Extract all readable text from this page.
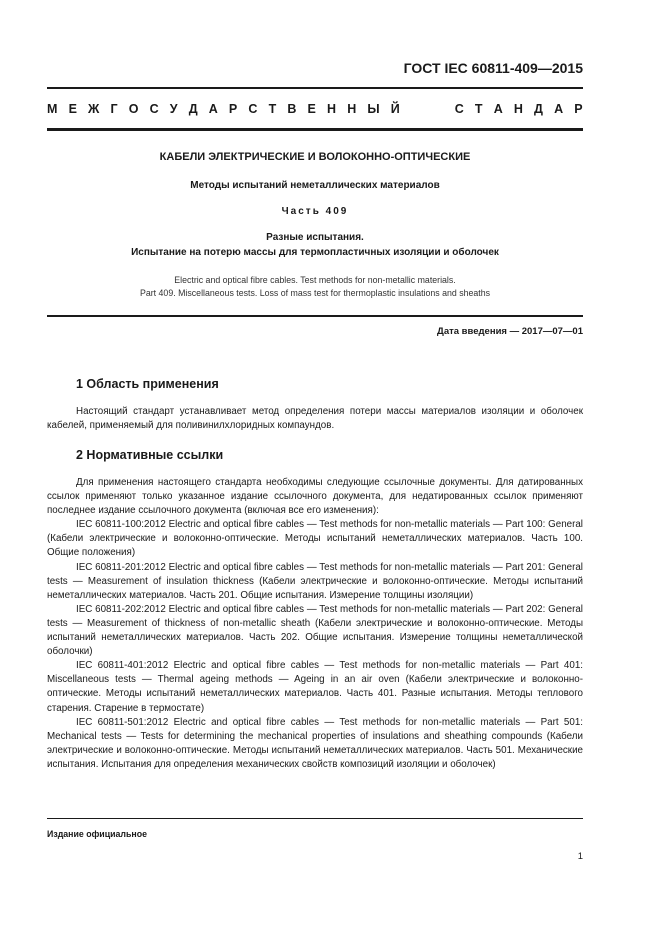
ГОСТ IEC 60811-409—2015
М Е Ж Г О С У Д А Р С Т В Е Н Н Ы Й

	С Т А Н Д А Р
КАБЕЛИ ЭЛЕКТРИЧЕСКИЕ И ВОЛОКОННО-ОПТИЧЕСКИЕ
Методы испытаний неметаллических материалов
Часть 409
Разные испытания.
Испытание на потерю массы для термопластичных изоляции и оболочек
Electric and optical fibre cables. Test methods for non-metallic materials.
Part 409. Miscellaneous tests. Loss of mass test for thermoplastic insulations and sheaths
Дата введения — 2017—07—01
1 Область применения
Настоящий стандарт устанавливает метод определения потери массы материалов изоляции и оболочек кабелей, применяемый для поливинилхлоридных компаундов.
2 Нормативные ссылки
Для применения настоящего стандарта необходимы следующие ссылочные документы. Для датированных ссылок применяют только указанное издание ссылочного документа, для недатированных ссылок применяют последнее издание ссылочного документа (включая все его изменения):
IEC 60811-100:2012 Electric and optical fibre cables — Test methods for non-metallic materials — Part 100: General (Кабели электрические и волоконно-оптические. Методы испытаний неметаллических материалов. Часть 100. Общие положения)
IEC 60811-201:2012 Electric and optical fibre cables — Test methods for non-metallic materials — Part 201: General tests — Measurement of insulation thickness (Кабели электрические и волоконно-оптические. Методы испытаний неметаллических материалов. Часть 201. Общие испытания. Измерение толщины изоляции)
IEC 60811-202:2012 Electric and optical fibre cables — Test methods for non-metallic materials — Part 202: General tests — Measurement of thickness of non-metallic sheath (Кабели электрические и волоконно-оптические. Методы испытаний неметаллических материалов. Часть 202. Общие испытания. Измерение толщины неметаллической оболочки)
IEC 60811-401:2012 Electric and optical fibre cables — Test methods for non-metallic materials — Part 401: Miscellaneous tests — Thermal ageing methods — Ageing in an air oven (Кабели электрические и волоконно-оптические. Методы испытаний неметаллических материалов. Часть 401. Разные испытания. Методы теплового старения. Старение в термостате)
IEC 60811-501:2012 Electric and optical fibre cables — Test methods for non-metallic materials — Part 501: Mechanical tests — Tests for determining the mechanical properties of insulations and sheathing compounds (Кабели электрические и волоконно-оптические. Методы испытаний неметаллических материалов. Часть 501. Механические испытания. Испытания для определения механических свойств композиций изоляции и оболочек)
Издание официальное
1
